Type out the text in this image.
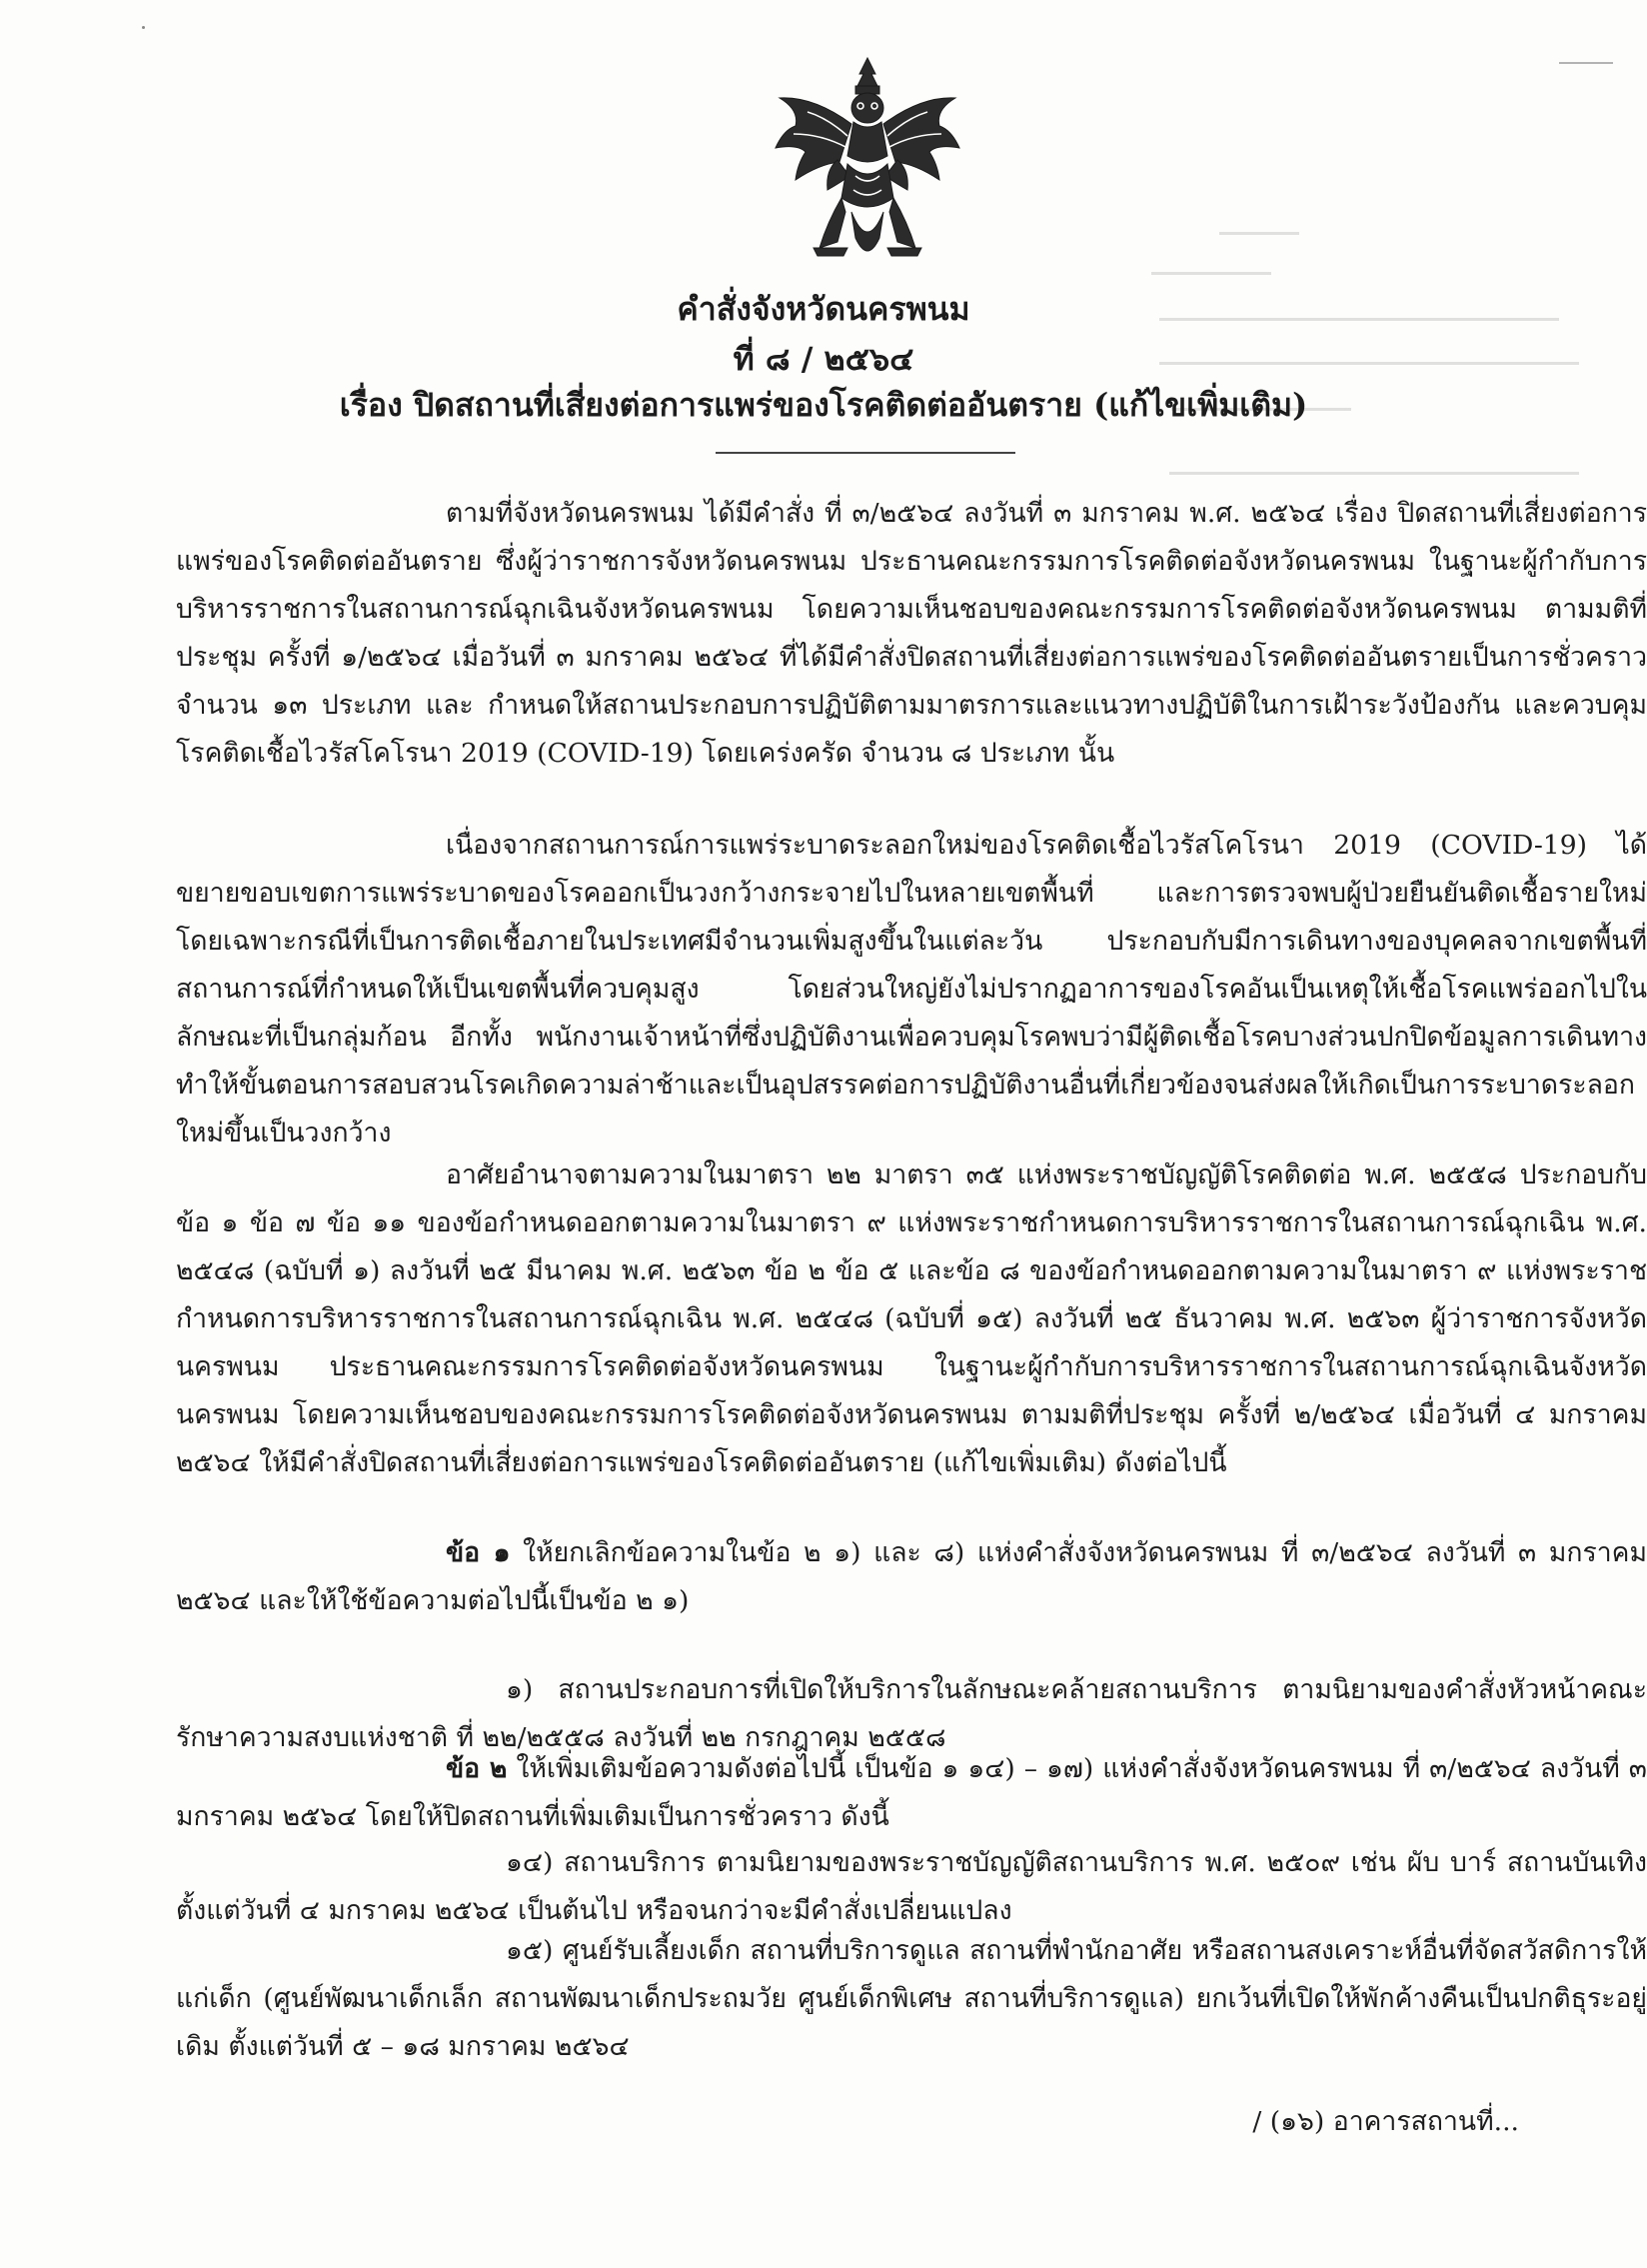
คำสั่งจังหวัดนครพนม
ที่ ๘ / ๒๕๖๔
เรื่อง ปิดสถานที่เสี่ยงต่อการแพร่ของโรคติดต่ออันตราย (แก้ไขเพิ่มเติม)

ตามที่จังหวัดนครพนม ได้มีคำสั่ง ที่ ๓/๒๕๖๔ ลงวันที่ ๓ มกราคม พ.ศ. ๒๕๖๔ เรื่อง ปิดสถานที่เสี่ยงต่อการแพร่ของโรคติดต่ออันตราย ซึ่งผู้ว่าราชการจังหวัดนครพนม ประธานคณะกรรมการโรคติดต่อจังหวัดนครพนม ในฐานะผู้กำกับการบริหารราชการในสถานการณ์ฉุกเฉินจังหวัดนครพนม โดยความเห็นชอบของคณะกรรมการโรคติดต่อจังหวัดนครพนม ตามมติที่ประชุม ครั้งที่ ๑/๒๕๖๔ เมื่อวันที่ ๓ มกราคม ๒๕๖๔ ที่ได้มีคำสั่งปิดสถานที่เสี่ยงต่อการแพร่ของโรคติดต่ออันตรายเป็นการชั่วคราว จำนวน ๑๓ ประเภท และ กำหนดให้สถานประกอบการปฏิบัติตามมาตรการและแนวทางปฏิบัติในการเฝ้าระวังป้องกัน และควบคุมโรคติดเชื้อไวรัสโคโรนา 2019 (COVID-19) โดยเคร่งครัด จำนวน ๘ ประเภท นั้น

เนื่องจากสถานการณ์การแพร่ระบาดระลอกใหม่ของโรคติดเชื้อไวรัสโคโรนา 2019 (COVID-19) ได้ขยายขอบเขตการแพร่ระบาดของโรคออกเป็นวงกว้างกระจายไปในหลายเขตพื้นที่ และการตรวจพบผู้ป่วยยืนยันติดเชื้อรายใหม่ โดยเฉพาะกรณีที่เป็นการติดเชื้อภายในประเทศมีจำนวนเพิ่มสูงขึ้นในแต่ละวัน ประกอบกับมีการเดินทางของบุคคลจากเขตพื้นที่สถานการณ์ที่กำหนดให้เป็นเขตพื้นที่ควบคุมสูง โดยส่วนใหญ่ยังไม่ปรากฏอาการของโรคอันเป็นเหตุให้เชื้อโรคแพร่ออกไปในลักษณะที่เป็นกลุ่มก้อน อีกทั้ง พนักงานเจ้าหน้าที่ซึ่งปฏิบัติงานเพื่อควบคุมโรคพบว่ามีผู้ติดเชื้อโรคบางส่วนปกปิดข้อมูลการเดินทางทำให้ขั้นตอนการสอบสวนโรคเกิดความล่าช้าและเป็นอุปสรรคต่อการปฏิบัติงานอื่นที่เกี่ยวข้องจนส่งผลให้เกิดเป็นการระบาดระลอกใหม่ขึ้นเป็นวงกว้าง

อาศัยอำนาจตามความในมาตรา ๒๒ มาตรา ๓๕ แห่งพระราชบัญญัติโรคติดต่อ พ.ศ. ๒๕๕๘ ประกอบกับข้อ ๑ ข้อ ๗ ข้อ ๑๑ ของข้อกำหนดออกตามความในมาตรา ๙ แห่งพระราชกำหนดการบริหารราชการในสถานการณ์ฉุกเฉิน พ.ศ. ๒๕๔๘ (ฉบับที่ ๑) ลงวันที่ ๒๕ มีนาคม พ.ศ. ๒๕๖๓ ข้อ ๒ ข้อ ๕ และข้อ ๘ ของข้อกำหนดออกตามความในมาตรา ๙ แห่งพระราชกำหนดการบริหารราชการในสถานการณ์ฉุกเฉิน พ.ศ. ๒๕๔๘ (ฉบับที่ ๑๕) ลงวันที่ ๒๕ ธันวาคม พ.ศ. ๒๕๖๓ ผู้ว่าราชการจังหวัดนครพนม ประธานคณะกรรมการโรคติดต่อจังหวัดนครพนม ในฐานะผู้กำกับการบริหารราชการในสถานการณ์ฉุกเฉินจังหวัดนครพนม โดยความเห็นชอบของคณะกรรมการโรคติดต่อจังหวัดนครพนม ตามมติที่ประชุม ครั้งที่ ๒/๒๕๖๔ เมื่อวันที่ ๔ มกราคม ๒๕๖๔ ให้มีคำสั่งปิดสถานที่เสี่ยงต่อการแพร่ของโรคติดต่ออันตราย (แก้ไขเพิ่มเติม) ดังต่อไปนี้

ข้อ ๑ ให้ยกเลิกข้อความในข้อ ๒ ๑) และ ๘) แห่งคำสั่งจังหวัดนครพนม ที่ ๓/๒๕๖๔ ลงวันที่ ๓ มกราคม ๒๕๖๔ และให้ใช้ข้อความต่อไปนี้เป็นข้อ ๒ ๑)

๑) สถานประกอบการที่เปิดให้บริการในลักษณะคล้ายสถานบริการ ตามนิยามของคำสั่งหัวหน้าคณะรักษาความสงบแห่งชาติ ที่ ๒๒/๒๕๕๘ ลงวันที่ ๒๒ กรกฎาคม ๒๕๕๘

ข้อ ๒ ให้เพิ่มเติมข้อความดังต่อไปนี้ เป็นข้อ ๑ ๑๔) – ๑๗) แห่งคำสั่งจังหวัดนครพนม ที่ ๓/๒๕๖๔ ลงวันที่ ๓ มกราคม ๒๕๖๔ โดยให้ปิดสถานที่เพิ่มเติมเป็นการชั่วคราว ดังนี้

๑๔) สถานบริการ ตามนิยามของพระราชบัญญัติสถานบริการ พ.ศ. ๒๕๐๙ เช่น ผับ บาร์ สถานบันเทิง ตั้งแต่วันที่ ๔ มกราคม ๒๕๖๔ เป็นต้นไป หรือจนกว่าจะมีคำสั่งเปลี่ยนแปลง

๑๕) ศูนย์รับเลี้ยงเด็ก สถานที่บริการดูแล สถานที่พำนักอาศัย หรือสถานสงเคราะห์อื่นที่จัดสวัสดิการให้แก่เด็ก (ศูนย์พัฒนาเด็กเล็ก สถานพัฒนาเด็กประถมวัย ศูนย์เด็กพิเศษ สถานที่บริการดูแล) ยกเว้นที่เปิดให้พักค้างคืนเป็นปกติธุระอยู่เดิม ตั้งแต่วันที่ ๕ – ๑๘ มกราคม ๒๕๖๔

/ (๑๖) อาคารสถานที่...
